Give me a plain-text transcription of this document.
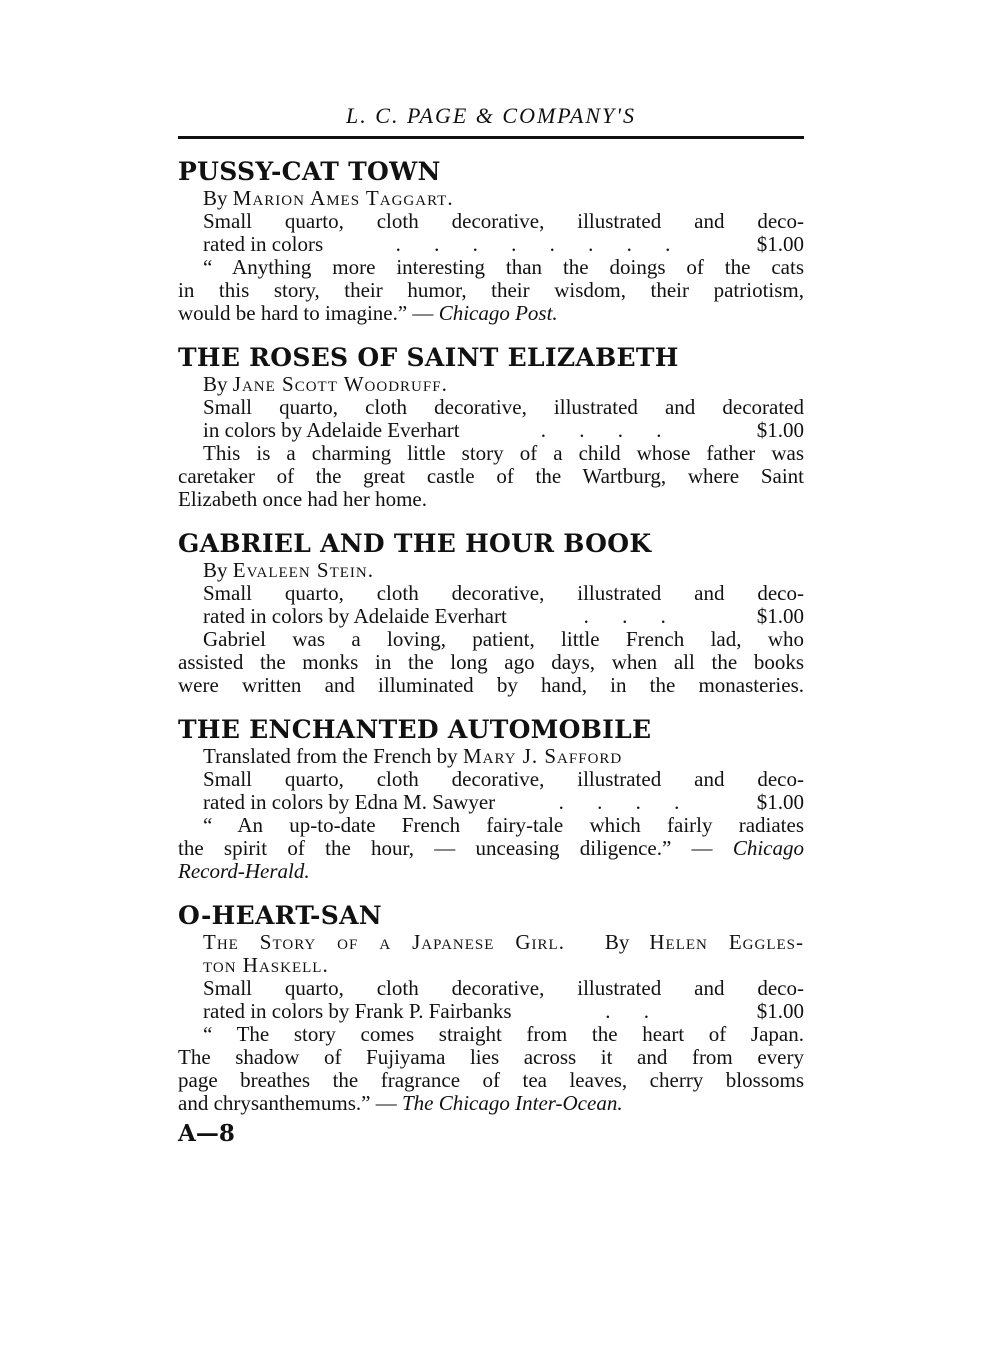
L. C. PAGE & COMPANY'S
PUSSY-CAT TOWN
By Marion Ames Taggart.
Small quarto, cloth decorative, illustrated and deco-
rated in colors	. . . . . . . .	$1.00
“ Anything more interesting than the doings of the cats
in this story, their humor, their wisdom, their patriotism,
would be hard to imagine.” — Chicago Post.
THE ROSES OF SAINT ELIZABETH
By Jane Scott Woodruff.
Small quarto, cloth decorative, illustrated and decorated
in colors by Adelaide Everhart	. . . .	$1.00
This is a charming little story of a child whose father was
caretaker of the great castle of the Wartburg, where Saint
Elizabeth once had her home.
GABRIEL AND THE HOUR BOOK
By Evaleen Stein.
Small quarto, cloth decorative, illustrated and deco-
rated in colors by Adelaide Everhart	. . .	$1.00
Gabriel was a loving, patient, little French lad, who
assisted the monks in the long ago days, when all the books
were written and illuminated by hand, in the monasteries.
THE ENCHANTED AUTOMOBILE
Translated from the French by Mary J. Safford
Small quarto, cloth decorative, illustrated and deco-
rated in colors by Edna M. Sawyer	. . . .	$1.00
“ An up-to-date French fairy-tale which fairly radiates
the spirit of the hour, — unceasing diligence.” — Chicago
Record-Herald.
O-HEART-SAN
The Story of a Japanese Girl.  By Helen Eggles-
ton Haskell.
Small quarto, cloth decorative, illustrated and deco-
rated in colors by Frank P. Fairbanks	. .	$1.00
“ The story comes straight from the heart of Japan.
The shadow of Fujiyama lies across it and from every
page breathes the fragrance of tea leaves, cherry blossoms
and chrysanthemums.” — The Chicago Inter-Ocean.
A—8
